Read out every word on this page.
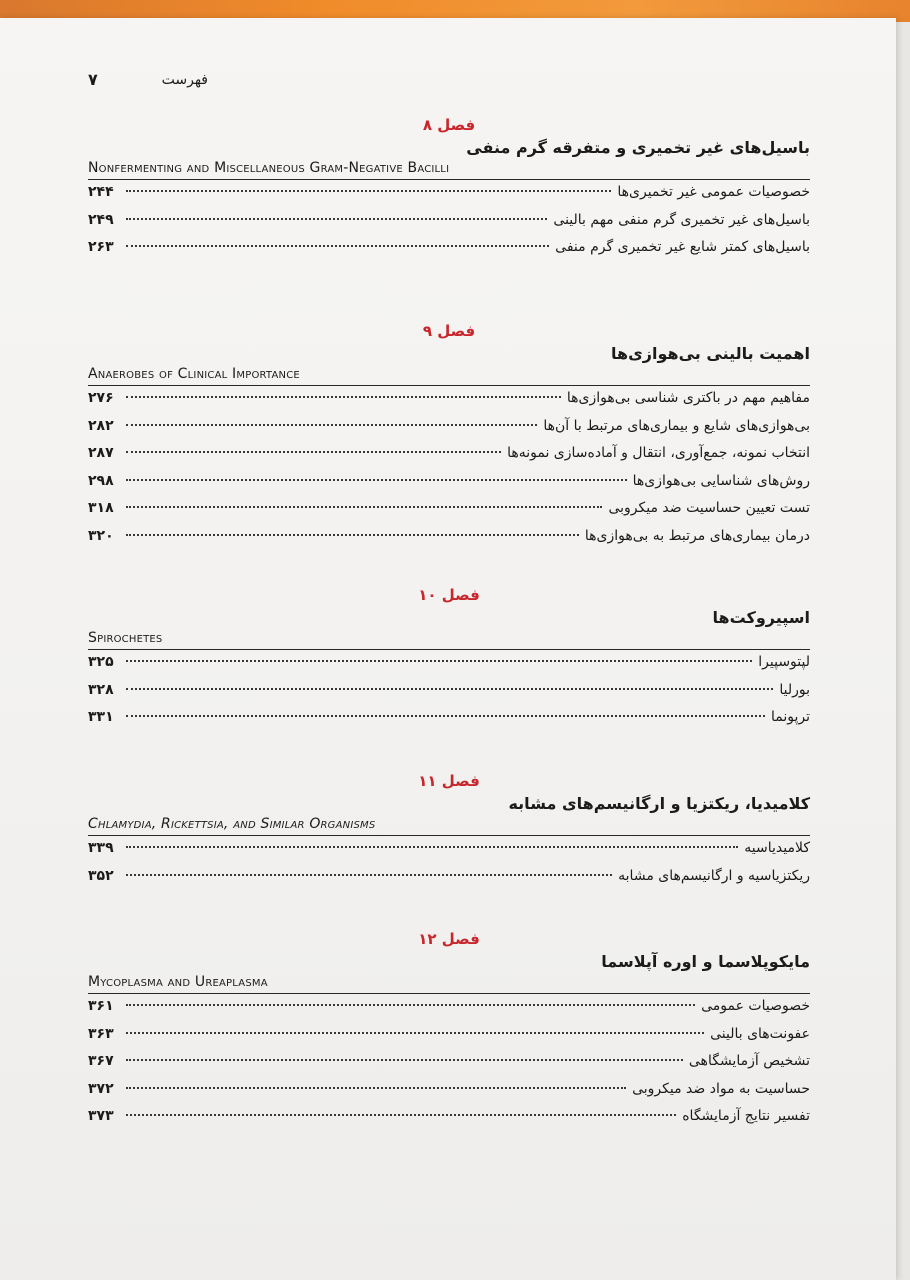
۷	فهرست
فصل ۸
باسیل‌های غیر تخمیری و متفرقه گرم منفی
Nonfermenting and Miscellaneous Gram-Negative Bacilli
خصوصیات عمومی غیر تخمیری‌ها
۲۴۴
باسیل‌های غیر تخمیری گرم منفی مهم بالینی
۲۴۹
باسیل‌های کمتر شایع غیر تخمیری گرم منفی
۲۶۳
فصل ۹
اهمیت بالینی بی‌هوازی‌ها
Anaerobes of Clinical Importance
مفاهیم مهم در باکتری شناسی بی‌هوازی‌ها
۲۷۶
بی‌هوازی‌های شایع و بیماری‌های مرتبط با آن‌ها
۲۸۲
انتخاب نمونه، جمع‌آوری، انتقال و آماده‌سازی نمونه‌ها
۲۸۷
روش‌های شناسایی بی‌هوازی‌ها
۲۹۸
تست تعیین حساسیت ضد میکروبی
۳۱۸
درمان بیماری‌های مرتبط به بی‌هوازی‌ها
۳۲۰
فصل ۱۰
اسپیروکت‌ها
Spirochetes
لپتوسپیرا
۳۲۵
بورلیا
۳۲۸
ترپونما
۳۳۱
فصل ۱۱
کلامیدیا، ریکتزیا و ارگانیسم‌های مشابه
Chlamydia, Rickettsia, and Similar Organisms
کلامیدیاسیه
۳۳۹
ریکتزیاسیه و ارگانیسم‌های مشابه
۳۵۲
فصل ۱۲
مایکوپلاسما و اوره آپلاسما
Mycoplasma and Ureaplasma
خصوصیات عمومی
۳۶۱
عفونت‌های بالینی
۳۶۳
تشخیص آزمایشگاهی
۳۶۷
حساسیت به مواد ضد میکروبی
۳۷۲
تفسیر نتایج آزمایشگاه
۳۷۳
